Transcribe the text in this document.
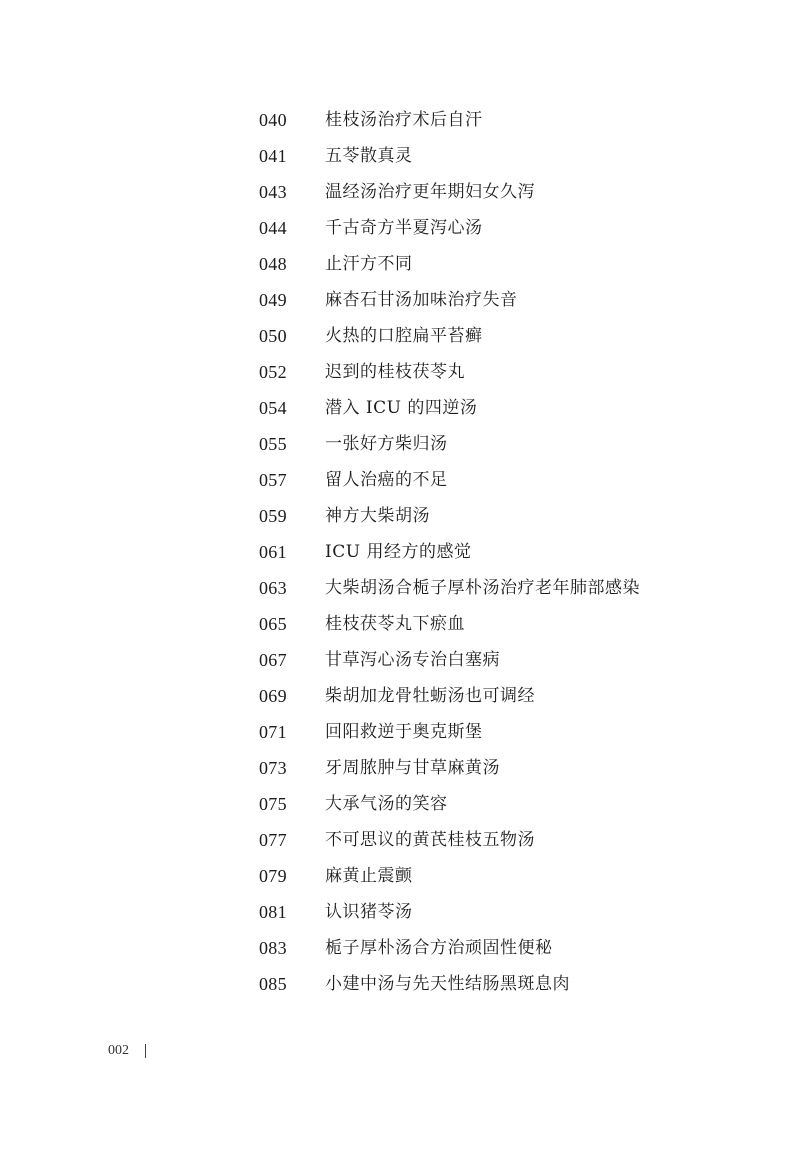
040 桂枝汤治疗术后自汗
041 五苓散真灵
043 温经汤治疗更年期妇女久泻
044 千古奇方半夏泻心汤
048 止汗方不同
049 麻杏石甘汤加味治疗失音
050 火热的口腔扁平苔癣
052 迟到的桂枝茯苓丸
054 潜入 ICU 的四逆汤
055 一张好方柴归汤
057 留人治癌的不足
059 神方大柴胡汤
061 ICU 用经方的感觉
063 大柴胡汤合栀子厚朴汤治疗老年肺部感染
065 桂枝茯苓丸下瘀血
067 甘草泻心汤专治白塞病
069 柴胡加龙骨牡蛎汤也可调经
071 回阳救逆于奥克斯堡
073 牙周脓肿与甘草麻黄汤
075 大承气汤的笑容
077 不可思议的黄芪桂枝五物汤
079 麻黄止震颤
081 认识猪苓汤
083 栀子厚朴汤合方治顽固性便秘
085 小建中汤与先天性结肠黑斑息肉
002
